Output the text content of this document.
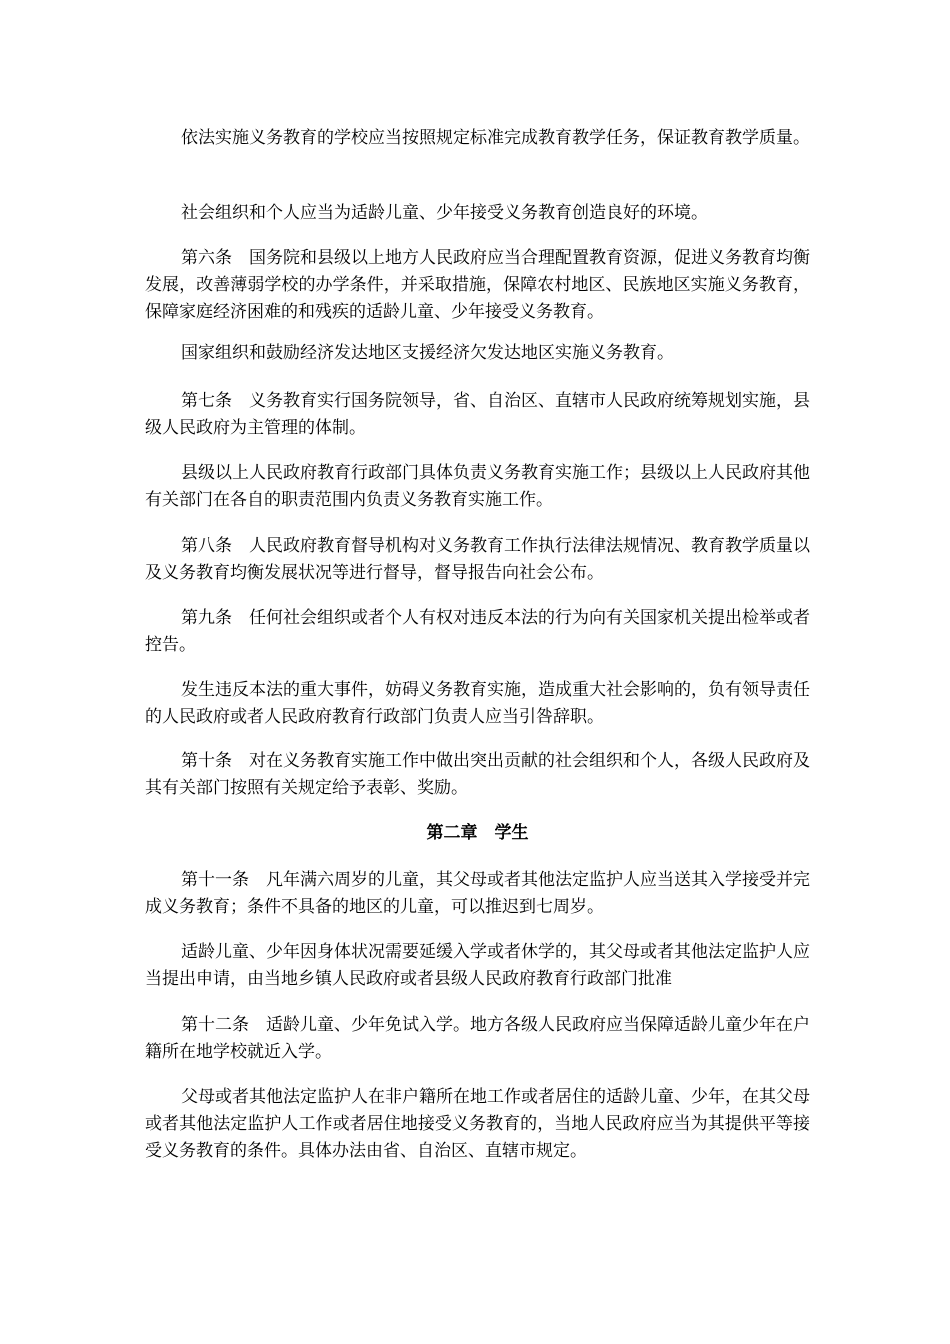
依法实施义务教育的学校应当按照规定标准完成教育教学任务，保证教育教学质量。

社会组织和个人应当为适龄儿童、少年接受义务教育创造良好的环境。

第六条　国务院和县级以上地方人民政府应当合理配置教育资源，促进义务教育均衡发展，改善薄弱学校的办学条件，并采取措施，保障农村地区、民族地区实施义务教育，保障家庭经济困难的和残疾的适龄儿童、少年接受义务教育。

国家组织和鼓励经济发达地区支援经济欠发达地区实施义务教育。

第七条　义务教育实行国务院领导，省、自治区、直辖市人民政府统筹规划实施，县级人民政府为主管理的体制。

县级以上人民政府教育行政部门具体负责义务教育实施工作；县级以上人民政府其他有关部门在各自的职责范围内负责义务教育实施工作。

第八条　人民政府教育督导机构对义务教育工作执行法律法规情况、教育教学质量以及义务教育均衡发展状况等进行督导，督导报告向社会公布。

第九条　任何社会组织或者个人有权对违反本法的行为向有关国家机关提出检举或者控告。

发生违反本法的重大事件，妨碍义务教育实施，造成重大社会影响的，负有领导责任的人民政府或者人民政府教育行政部门负责人应当引咎辞职。

第十条　对在义务教育实施工作中做出突出贡献的社会组织和个人，各级人民政府及其有关部门按照有关规定给予表彰、奖励。

第二章　学生

第十一条　凡年满六周岁的儿童，其父母或者其他法定监护人应当送其入学接受并完成义务教育；条件不具备的地区的儿童，可以推迟到七周岁。

适龄儿童、少年因身体状况需要延缓入学或者休学的，其父母或者其他法定监护人应当提出申请，由当地乡镇人民政府或者县级人民政府教育行政部门批准

第十二条　适龄儿童、少年免试入学。地方各级人民政府应当保障适龄儿童少年在户籍所在地学校就近入学。

父母或者其他法定监护人在非户籍所在地工作或者居住的适龄儿童、少年，在其父母或者其他法定监护人工作或者居住地接受义务教育的，当地人民政府应当为其提供平等接受义务教育的条件。具体办法由省、自治区、直辖市规定。
